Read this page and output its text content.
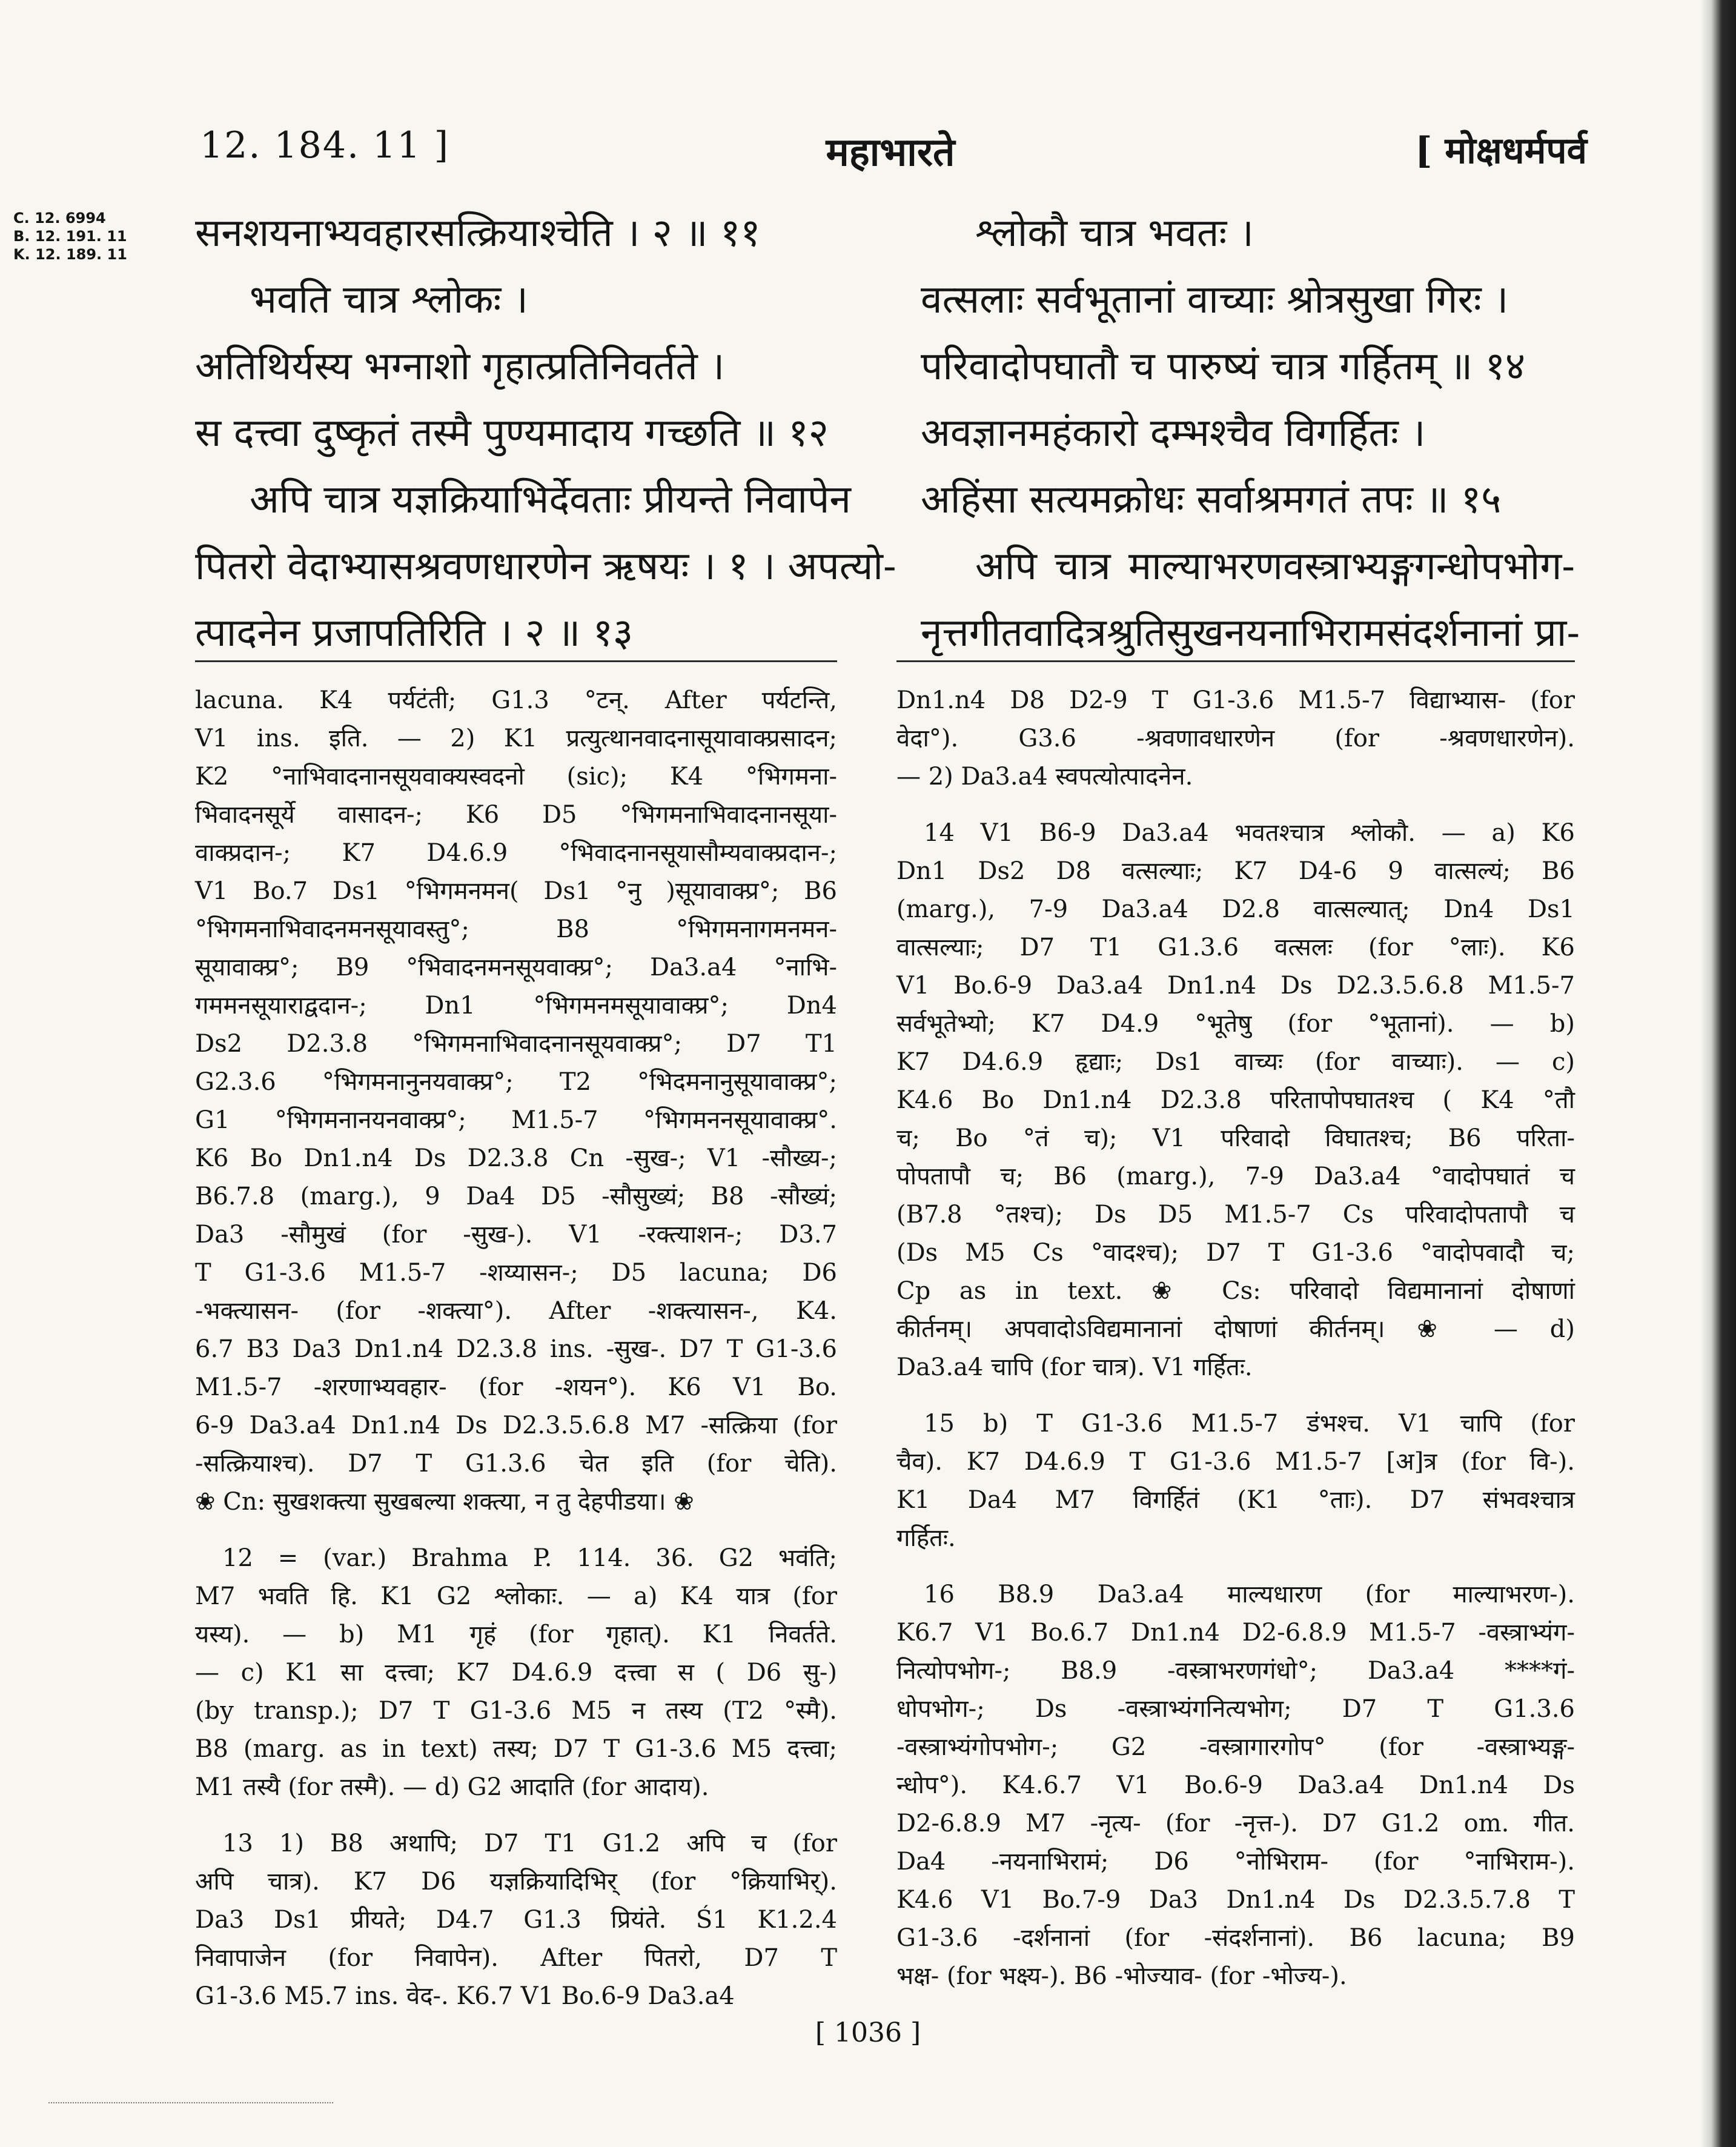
12. 184. 11 ]	महाभारते	[ मोक्षधर्मपर्व
C. 12. 6994
B. 12. 191. 11
K. 12. 189. 11 सनशयनाभ्यवहारसत्क्रियाश्चेति । २ ॥ ११
भवति चात्र श्लोकः ।
अतिथिर्यस्य भग्नाशो गृहात्प्रतिनिवर्तते ।
स दत्त्वा दुष्कृतं तस्मै पुण्यमादाय गच्छति ॥ १२
अपि चात्र यज्ञक्रियाभिर्देवताः प्रीयन्ते निवापेन
पितरो वेदाभ्यासश्रवणधारणेन ऋषयः । १ । अपत्यो-
त्पादनेन प्रजापतिरिति । २ ॥ १३
श्लोकौ चात्र भवतः ।
वत्सलाः सर्वभूतानां वाच्याः श्रोत्रसुखा गिरः ।
परिवादोपघातौ च पारुष्यं चात्र गर्हितम् ॥ १४
अवज्ञानमहंकारो दम्भश्चैव विगर्हितः ।
अहिंसा सत्यमक्रोधः सर्वाश्रमगतं तपः ॥ १५
अपि चात्र माल्याभरणवस्त्राभ्यङ्गगन्धोपभोग-
नृत्तगीतवादित्रश्रुतिसुखनयनाभिरामसंदर्शनानां प्रा-
lacuna. K4 पर्यटंती; G1.3 °टन्. After पर्यटन्ति,
V1 ins. इति. — 2) K1 प्रत्युत्थानवादनासूयावाक्प्रसादन;
K2 °नाभिवादनानसूयवाक्यस्वदनो (sic); K4 °भिगमना-
भिवादनसूर्ये वासादन-; K6 D5 °भिगमनाभिवादनानसूया-
वाक्प्रदान-; K7 D4.6.9 °भिवादनानसूयासौम्यवाक्प्रदान-;
V1 Bo.7 Ds1 °भिगमनमन( Ds1 °नु )सूयावाक्प्र°; B6
°भिगमनाभिवादनमनसूयावस्तु°; B8 °भिगमनागमनमन-
सूयावाक्प्र°; B9 °भिवादनमनसूयवाक्प्र°; Da3.a4 °नाभि-
गममनसूयाराद्वदान-; Dn1 °भिगमनमसूयावाक्प्र°; Dn4
Ds2 D2.3.8 °भिगमनाभिवादनानसूयवाक्प्र°; D7 T1
G2.3.6 °भिगमनानुनयवाक्प्र°; T2 °भिदमनानुसूयावाक्प्र°;
G1 °भिगमनानयनवाक्प्र°; M1.5-7 °भिगमननसूयावाक्प्र°.
K6 Bo Dn1.n4 Ds D2.3.8 Cn -सुख-; V1 -सौख्य-;
B6.7.8 (marg.), 9 Da4 D5 -सौसुख्यं; B8 -सौख्यं;
Da3 -सौमुखं (for -सुख-). V1 -रक्त्याशन-; D3.7
T G1-3.6 M1.5-7 -शय्यासन-; D5 lacuna; D6
-भक्त्यासन- (for -शक्त्या°). After -शक्त्यासन-, K4.
6.7 B3 Da3 Dn1.n4 D2.3.8 ins. -सुख-. D7 T G1-3.6
M1.5-7 -शरणाभ्यवहार- (for -शयन°). K6 V1 Bo.
6-9 Da3.a4 Dn1.n4 Ds D2.3.5.6.8 M7 -सत्क्रिया (for
-सत्क्रियाश्च). D7 T G1.3.6 चेत इति (for चेति).
❀ Cn: सुखशक्त्या सुखबल्या शक्त्या, न तु देहपीडया। ❀
12 = (var.) Brahma P. 114. 36. G2 भवंति;
M7 भवति हि. K1 G2 श्लोकाः. — a) K4 यात्र (for
यस्य). — b) M1 गृहं (for गृहात्). K1 निवर्तते.
— c) K1 सा दत्त्वा; K7 D4.6.9 दत्त्वा स ( D6 सु-)
(by transp.); D7 T G1-3.6 M5 न तस्य (T2 °स्मै).
B8 (marg. as in text) तस्य; D7 T G1-3.6 M5 दत्त्वा;
M1 तस्यै (for तस्मै). — d) G2 आदाति (for आदाय).
13 1) B8 अथापि; D7 T1 G1.2 अपि च (for
अपि चात्र). K7 D6 यज्ञक्रियादिभिर् (for °क्रियाभिर्).
Da3 Ds1 प्रीयते; D4.7 G1.3 प्रियंते. Ś1 K1.2.4
निवापाजेन (for निवापेन). After पितरो, D7 T
G1-3.6 M5.7 ins. वेद-. K6.7 V1 Bo.6-9 Da3.a4
Dn1.n4 D8 D2-9 T G1-3.6 M1.5-7 विद्याभ्यास- (for
वेदा°). G3.6 -श्रवणावधारणेन (for -श्रवणधारणेन).
— 2) Da3.a4 स्वपत्योत्पादनेन.
14 V1 B6-9 Da3.a4 भवतश्चात्र श्लोकौ. — a) K6
Dn1 Ds2 D8 वत्सल्याः; K7 D4-6 9 वात्सल्यं; B6
(marg.), 7-9 Da3.a4 D2.8 वात्सल्यात्; Dn4 Ds1
वात्सल्याः; D7 T1 G1.3.6 वत्सलः (for °लाः). K6
V1 Bo.6-9 Da3.a4 Dn1.n4 Ds D2.3.5.6.8 M1.5-7
सर्वभूतेभ्यो; K7 D4.9 °भूतेषु (for °भूतानां). — b)
K7 D4.6.9 हृद्याः; Ds1 वाच्यः (for वाच्याः). — c)
K4.6 Bo Dn1.n4 D2.3.8 परितापोपघातश्च ( K4 °तौ
च; Bo °तं च); V1 परिवादो विघातश्च; B6 परिता-
पोपतापौ च; B6 (marg.), 7-9 Da3.a4 °वादोपघातं च
(B7.8 °तश्च); Ds D5 M1.5-7 Cs परिवादोपतापौ च
(Ds M5 Cs °वादश्च); D7 T G1-3.6 °वादोपवादौ च;
Cp as in text. ❀ Cs: परिवादो विद्यमानानां दोषाणां
कीर्तनम्। अपवादोऽविद्यमानानां दोषाणां कीर्तनम्। ❀ — d)
Da3.a4 चापि (for चात्र). V1 गर्हितः.
15 b) T G1-3.6 M1.5-7 डंभश्च. V1 चापि (for
चैव). K7 D4.6.9 T G1-3.6 M1.5-7 [अ]त्र (for वि-).
K1 Da4 M7 विगर्हितं (K1 °ताः). D7 संभवश्चात्र
गर्हितः.
16 B8.9 Da3.a4 माल्यधारण (for माल्याभरण-).
K6.7 V1 Bo.6.7 Dn1.n4 D2-6.8.9 M1.5-7 -वस्त्राभ्यंग-
नित्योपभोग-; B8.9 -वस्त्राभरणगंधो°; Da3.a4 ****गं-
धोपभोग-; Ds -वस्त्राभ्यंगनित्यभोग; D7 T G1.3.6
-वस्त्राभ्यंगोपभोग-; G2 -वस्त्रागारगोप° (for -वस्त्राभ्यङ्ग-
न्धोप°). K4.6.7 V1 Bo.6-9 Da3.a4 Dn1.n4 Ds
D2-6.8.9 M7 -नृत्य- (for -नृत्त-). D7 G1.2 om. गीत.
Da4 -नयनाभिरामं; D6 °नोभिराम- (for °नाभिराम-).
K4.6 V1 Bo.7-9 Da3 Dn1.n4 Ds D2.3.5.7.8 T
G1-3.6 -दर्शनानां (for -संदर्शनानां). B6 lacuna; B9
भक्ष- (for भक्ष्य-). B6 -भोज्याव- (for -भोज्य-).
[ 1036 ]
